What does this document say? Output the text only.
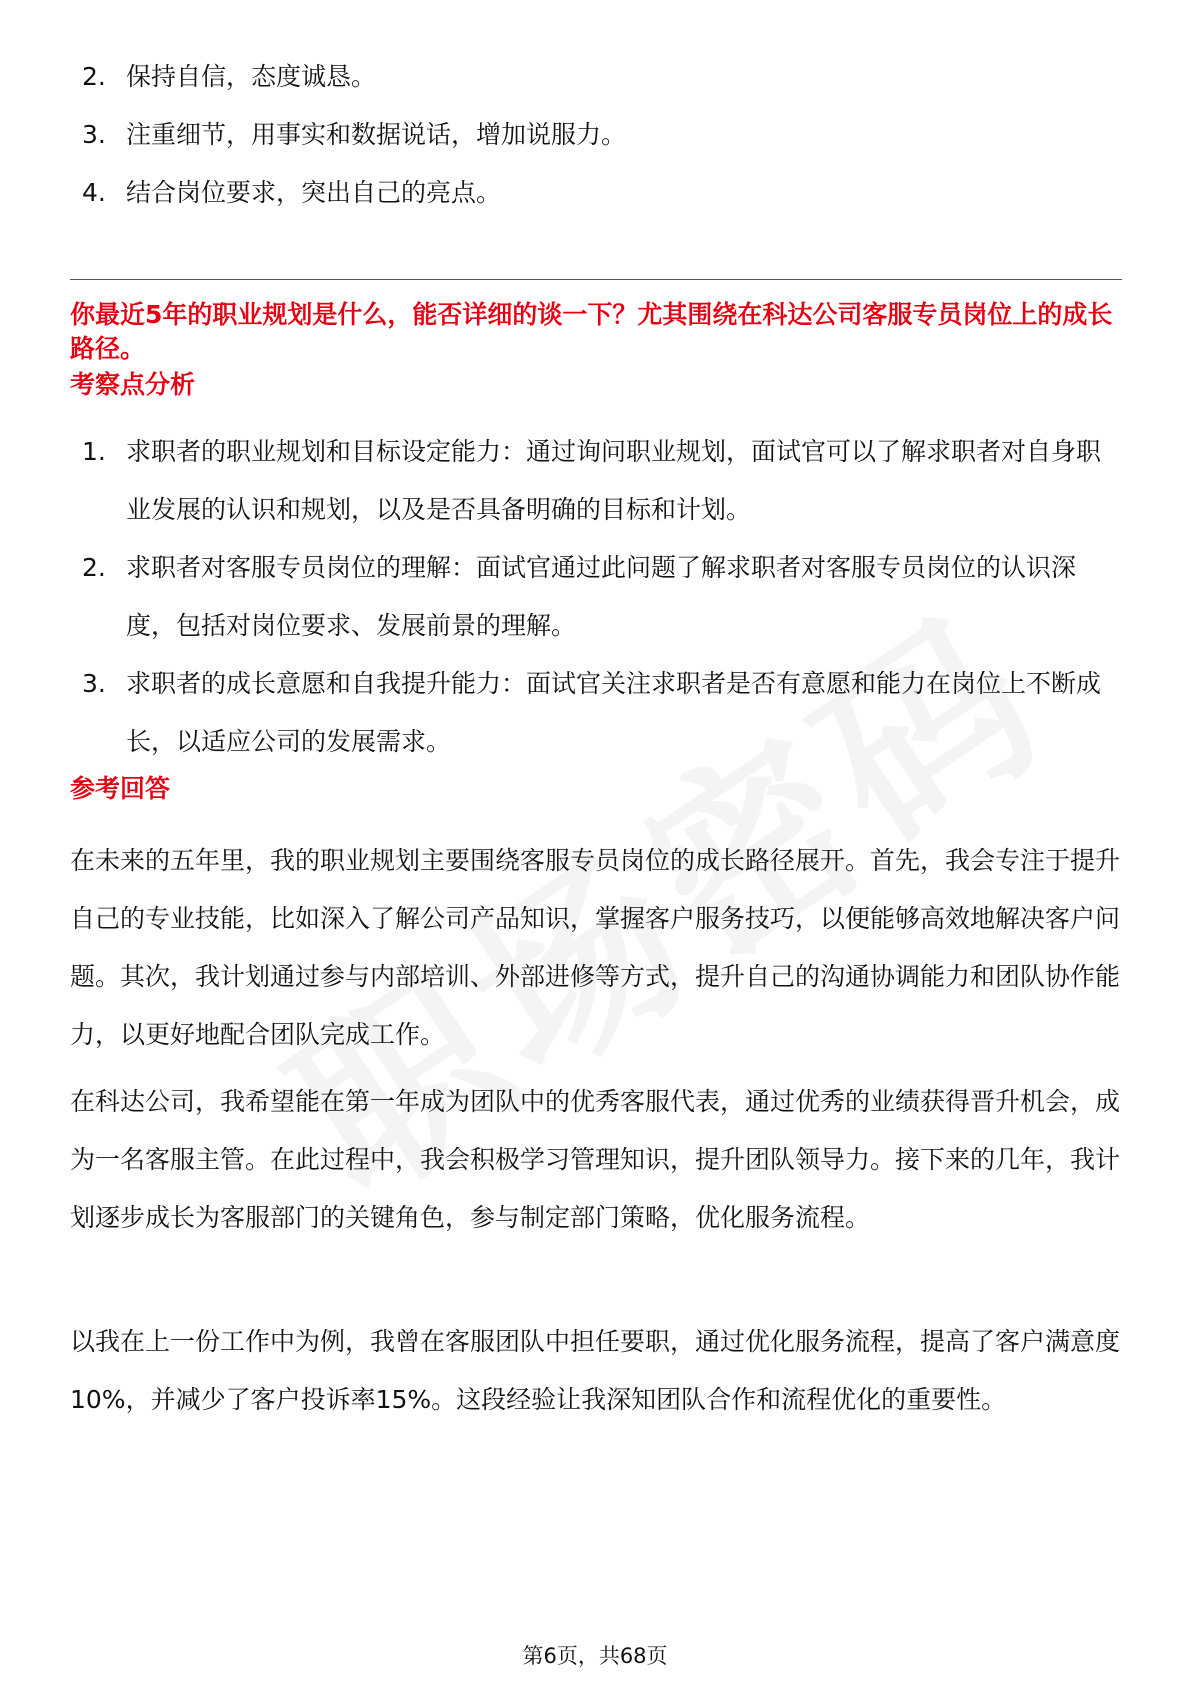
2. 保持自信，态度诚恳。
3. 注重细节，用事实和数据说话，增加说服力。
4. 结合岗位要求，突出自己的亮点。
你最近5年的职业规划是什么，能否详细的谈一下？尤其围绕在科达公司客服专员岗位上的成长路径。
考察点分析
1. 求职者的职业规划和目标设定能力：通过询问职业规划，面试官可以了解求职者对自身职业发展的认识和规划，以及是否具备明确的目标和计划。
2. 求职者对客服专员岗位的理解：面试官通过此问题了解求职者对客服专员岗位的认识深度，包括对岗位要求、发展前景的理解。
3. 求职者的成长意愿和自我提升能力：面试官关注求职者是否有意愿和能力在岗位上不断成长，以适应公司的发展需求。
参考回答
在未来的五年里，我的职业规划主要围绕客服专员岗位的成长路径展开。首先，我会专注于提升自己的专业技能，比如深入了解公司产品知识，掌握客户服务技巧，以便能够高效地解决客户问题。其次，我计划通过参与内部培训、外部进修等方式，提升自己的沟通协调能力和团队协作能力，以更好地配合团队完成工作。
在科达公司，我希望能在第一年成为团队中的优秀客服代表，通过优秀的业绩获得晋升机会，成为一名客服主管。在此过程中，我会积极学习管理知识，提升团队领导力。接下来的几年，我计划逐步成长为客服部门的关键角色，参与制定部门策略，优化服务流程。
以我在上一份工作中为例，我曾在客服团队中担任要职，通过优化服务流程，提高了客户满意度10%，并减少了客户投诉率15%。这段经验让我深知团队合作和流程优化的重要性。
第6页，共68页
